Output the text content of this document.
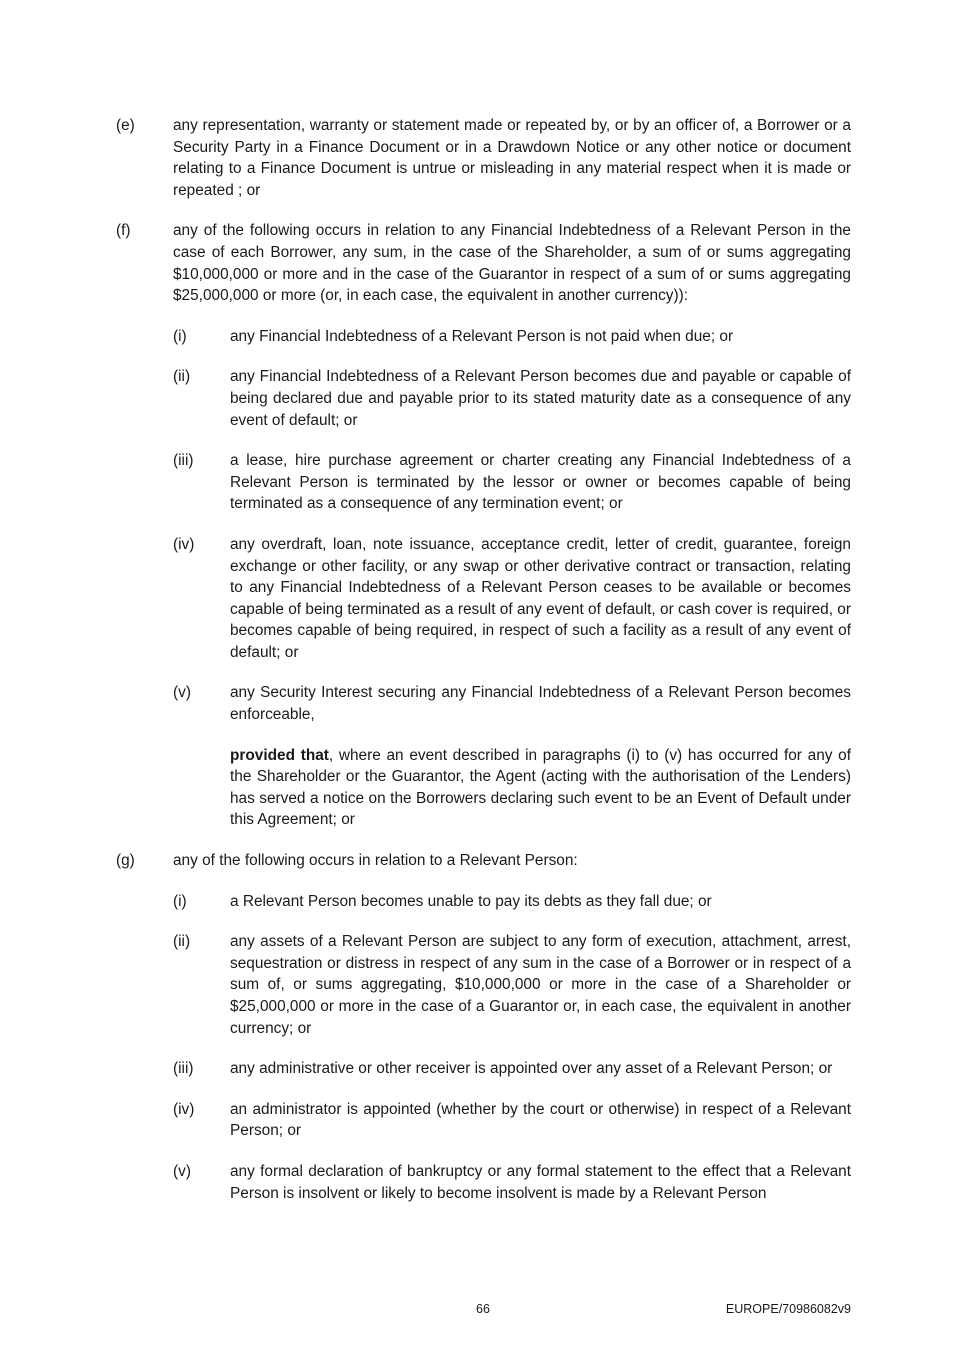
(e) any representation, warranty or statement made or repeated by, or by an officer of, a Borrower or a Security Party in a Finance Document or in a Drawdown Notice or any other notice or document relating to a Finance Document is untrue or misleading in any material respect when it is made or repeated ; or
(f)	any of the following occurs in relation to any Financial Indebtedness of a Relevant Person in the case of each Borrower, any sum, in the case of the Shareholder, a sum of or sums aggregating $10,000,000 or more and in the case of the Guarantor in respect of a sum of or sums aggregating $25,000,000 or more (or, in each case, the equivalent in another currency)):
(i)	any Financial Indebtedness of a Relevant Person is not paid when due; or
(ii)	any Financial Indebtedness of a Relevant Person becomes due and payable or capable of being declared due and payable prior to its stated maturity date as a consequence of any event of default; or
(iii) a lease, hire purchase agreement or charter creating any Financial Indebtedness of a Relevant Person is terminated by the lessor or owner or becomes capable of being terminated as a consequence of any termination event; or
(iv) any overdraft, loan, note issuance, acceptance credit, letter of credit, guarantee, foreign exchange or other facility, or any swap or other derivative contract or transaction, relating to any Financial Indebtedness of a Relevant Person ceases to be available or becomes capable of being terminated as a result of any event of default, or cash cover is required, or becomes capable of being required, in respect of such a facility as a result of any event of default; or
(v)	any Security Interest securing any Financial Indebtedness of a Relevant Person becomes enforceable,

provided that, where an event described in paragraphs (i) to (v) has occurred for any of the Shareholder or the Guarantor, the Agent (acting with the authorisation of the Lenders) has served a notice on the Borrowers declaring such event to be an Event of Default under this Agreement; or

(g) any of the following occurs in relation to a Relevant Person:
(i)	a Relevant Person becomes unable to pay its debts as they fall due; or
(ii)	any assets of a Relevant Person are subject to any form of execution, attachment, arrest, sequestration or distress in respect of any sum in the case of a Borrower or in respect of a sum of, or sums aggregating, $10,000,000 or more in the case of a Shareholder or $25,000,000 or more in the case of a Guarantor or, in each case, the equivalent in another currency; or
(iii) any administrative or other receiver is appointed over any asset of a Relevant Person; or
(iv) an administrator is appointed (whether by the court or otherwise) in respect of a Relevant Person; or
(v)	any formal declaration of bankruptcy or any formal statement to the effect that a Relevant Person is insolvent or likely to become insolvent is made by a Relevant Person
66	EUROPE/70986082v9
